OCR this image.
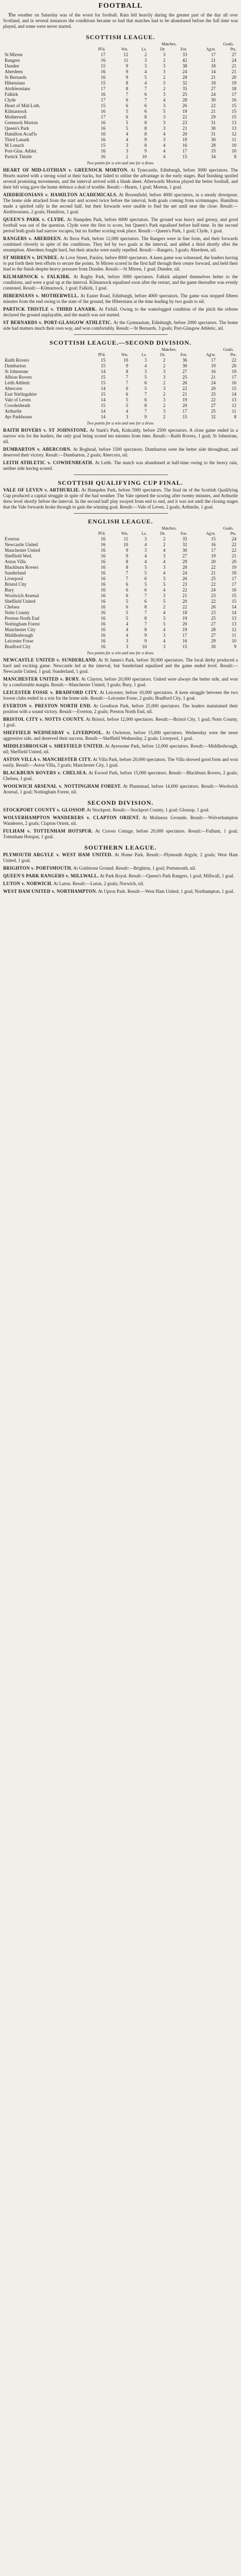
FOOTBALL

The weather on Saturday was of the worst for football. Rain fell heavily during the greater part of the day all over Scotland, and in several instances the conditions became so bad that matches had to be abandoned before the full time was played, and some were never started.

SCOTTISH LEAGUE.
Matches.	Goals.
	Pl'd.	Wn.	Ls.	Dr.	For.	Ag'st.	Pts.
St Mirren	17	12	2	3	33	17	27
Rangers	16	11	3	2	42	21	24
Dundee	15	9	3	3	38	18	21
Aberdeen	16	9	4	3	24	14	21
St Bernards	16	9	5	2	28	21	20
Hibernians	15	8	4	3	32	18	19
Airdrieonians	17	8	7	2	35	27	18
Falkirk	16	7	6	3	25	24	17
Clyde	17	6	7	4	28	30	16
Heart of Mid-Loth.	15	6	6	3	26	22	15
Kilmarnock	16	5	6	5	19	21	15
Motherwell	17	6	8	3	22	29	15
Greenock Morton	16	5	8	3	23	31	13
Queen's Park	16	5	8	3	21	30	13
Hamilton Acad'ls	16	4	8	4	20	31	12
Third Lanark	16	4	9	3	19	30	11
M Lonach	15	3	8	4	16	28	10
Port-Glas. Athlet.	16	3	9	4	17	33	10
Partick Thistle	16	2	10	4	15	34	8
Two points for a win and one for a draw.

HEART OF MID-LOTHIAN v. GREENOCK MORTON. At Tynecastle, Edinburgh, before 3000 spectators. The Hearts started with a strong wind at their backs, but failed to utilise the advantage in the early stages. Bad finishing spoiled several promising movements, and the interval arrived with a blank sheet. Afterwards Morton played the better football, and their left wing gave the home defence a deal of trouble. Result:—Hearts, 1 goal; Morton, 1 goal.

AIRDRIEONIANS v. HAMILTON ACADEMICALS. At Broomfield, before 4000 spectators, in a steady downpour. The home side attacked from the start and scored twice before the interval, both goals coming from scrimmages. Hamilton made a spirited rally in the second half, but their forwards were unable to find the net until near the close. Result:—Airdrieonians, 2 goals; Hamilton, 1 goal.

QUEEN'S PARK v. CLYDE. At Hampden Park, before 6000 spectators. The ground was heavy and greasy, and good football was out of the question. Clyde were the first to score, but Queen's Park equalised before half-time. In the second period both goals had narrow escapes, but no further scoring took place. Result:—Queen's Park, 1 goal; Clyde, 1 goal.

RANGERS v. ABERDEEN. At Ibrox Park, before 12,000 spectators. The Rangers were in fine form, and their forwards combined cleverly in spite of the conditions. They led by two goals at the interval, and added a third shortly after the resumption. Aberdeen fought hard, but their attacks were easily repelled. Result:—Rangers, 3 goals; Aberdeen, nil.

ST MIRREN v. DUNDEE. At Love Street, Paisley, before 8000 spectators. A keen game was witnessed, the leaders having to put forth their best efforts to secure the points. St Mirren scored in the first half through their centre forward, and held their lead to the finish despite heavy pressure from Dundee. Result:—St Mirren, 1 goal; Dundee, nil.

KILMARNOCK v. FALKIRK. At Rugby Park, before 3000 spectators. Falkirk adapted themselves better to the conditions, and were a goal up at the interval. Kilmarnock equalised soon after the restart, and the game thereafter was evenly contested. Result:—Kilmarnock, 1 goal; Falkirk, 1 goal.

HIBERNIANS v. MOTHERWELL. At Easter Road, Edinburgh, before 4000 spectators. The game was stopped fifteen minutes from the end owing to the state of the ground, the Hibernians at the time leading by two goals to nil.

PARTICK THISTLE v. THIRD LANARK. At Firhill. Owing to the waterlogged condition of the pitch the referee declared the ground unplayable, and the match was not started.

ST BERNARDS v. PORT-GLASGOW ATHLETIC. At the Gymnasium, Edinburgh, before 2000 spectators. The home side had matters much their own way, and won comfortably. Result:—St Bernards, 3 goals; Port-Glasgow Athletic, nil.

SCOTTISH LEAGUE.—SECOND DIVISION.
Matches.	Goals.
	Pl'd.	Wn.	Ls.	Dr.	For.	Ag'st.	Pts.
Raith Rovers	15	10	3	2	36	17	22
Dumbarton	15	9	4	2	30	19	20
St Johnstone	14	8	3	3	27	16	19
Albion Rovers	15	7	5	3	25	21	17
Leith Athletic	15	7	6	2	26	24	16
Abercorn	14	6	5	3	22	20	15
East Stirlingshire	15	6	7	2	21	25	14
Vale of Leven	14	5	6	3	19	22	13
Cowdenbeath	15	5	8	2	20	27	12
Arthurlie	14	4	7	3	17	25	11
Ayr Parkhouse	14	3	9	2	15	32	8
Two points for a win and one for a draw.

RAITH ROVERS v. ST JOHNSTONE. At Stark's Park, Kirkcaldy, before 2500 spectators. A close game ended in a narrow win for the leaders, the only goal being scored ten minutes from time. Result:—Raith Rovers, 1 goal; St Johnstone, nil.

DUMBARTON v. ABERCORN. At Boghead, before 1500 spectators. Dumbarton were the better side throughout, and deserved their victory. Result:—Dumbarton, 2 goals; Abercorn, nil.

LEITH ATHLETIC v. COWDENBEATH. At Leith. The match was abandoned at half-time owing to the heavy rain, neither side having scored.

SCOTTISH QUALIFYING CUP FINAL.

VALE OF LEVEN v. ARTHURLIE. At Hampden Park, before 7000 spectators. The final tie of the Scottish Qualifying Cup produced a capital struggle in spite of the bad weather. The Vale opened the scoring after twenty minutes, and Arthurlie drew level shortly before the interval. In the second half play swayed from end to end, and it was not until the closing stages that the Vale forwards broke through to gain the winning goal. Result:—Vale of Leven, 2 goals; Arthurlie, 1 goal.

ENGLISH LEAGUE.
Matches.	Goals.
	Pl'd.	Wn.	Ls.	Dr.	For.	Ag'st.	Pts.
Everton	16	11	3	2	35	15	24
Newcastle United	16	10	4	2	32	16	22
Manchester United	16	9	3	4	30	17	22
Sheffield Wed.	16	9	4	3	27	19	21
Aston Villa	16	8	4	4	29	20	20
Blackburn Rovers	16	8	5	3	28	22	19
Sunderland	16	7	5	4	24	21	18
Liverpool	16	7	6	3	26	25	17
Bristol City	16	6	5	5	23	22	17
Bury	16	6	6	4	22	24	16
Woolwich Arsenal	16	6	7	3	21	23	15
Sheffield United	16	5	6	5	20	22	15
Chelsea	16	6	8	2	22	26	14
Notts County	16	5	7	4	18	23	14
Preston North End	16	5	8	3	19	25	13
Nottingham Forest	16	4	7	5	20	27	13
Manchester City	16	4	8	4	19	28	12
Middlesbrough	16	4	9	3	17	27	11
Leicester Fosse	16	3	9	4	16	29	10
Bradford City	16	3	10	3	15	30	9
Two points for a win and one for a draw.

NEWCASTLE UNITED v. SUNDERLAND. At St James's Park, before 30,000 spectators. The local derby produced a hard and exciting game. Newcastle led at the interval, but Sunderland equalised and the game ended level. Result:—Newcastle United, 1 goal; Sunderland, 1 goal.

MANCHESTER UNITED v. BURY. At Clayton, before 20,000 spectators. United were always the better side, and won by a comfortable margin. Result:—Manchester United, 3 goals; Bury, 1 goal.

LEICESTER FOSSE v. BRADFORD CITY. At Leicester, before 10,000 spectators. A keen struggle between the two lowest clubs ended in a win for the home side. Result:—Leicester Fosse, 2 goals; Bradford City, 1 goal.

EVERTON v. PRESTON NORTH END. At Goodison Park, before 25,000 spectators. The leaders maintained their position with a sound victory. Result:—Everton, 2 goals; Preston North End, nil.

BRISTOL CITY v. NOTTS COUNTY. At Bristol, before 12,000 spectators. Result:—Bristol City, 1 goal; Notts County, 1 goal.

SHEFFIELD WEDNESDAY v. LIVERPOOL. At Owlerton, before 15,000 spectators. Wednesday were the more aggressive side, and deserved their success. Result:—Sheffield Wednesday, 2 goals; Liverpool, 1 goal.

MIDDLESBROUGH v. SHEFFIELD UNITED. At Ayresome Park, before 12,000 spectators. Result:—Middlesbrough, nil; Sheffield United, nil.

ASTON VILLA v. MANCHESTER CITY. At Villa Park, before 20,000 spectators. The Villa showed good form and won easily. Result:—Aston Villa, 3 goals; Manchester City, 1 goal.

BLACKBURN ROVERS v. CHELSEA. At Ewood Park, before 15,000 spectators. Result:—Blackburn Rovers, 2 goals; Chelsea, 1 goal.

WOOLWICH ARSENAL v. NOTTINGHAM FOREST. At Plumstead, before 14,000 spectators. Result:—Woolwich Arsenal, 1 goal; Nottingham Forest, nil.

SECOND DIVISION.

STOCKPORT COUNTY v. GLOSSOP. At Stockport. Result:—Stockport County, 1 goal; Glossop, 1 goal.

WOLVERHAMPTON WANDERERS v. CLAPTON ORIENT. At Molineux Grounds. Result:—Wolverhampton Wanderers, 2 goals; Clapton Orient, nil.

FULHAM v. TOTTENHAM HOTSPUR. At Craven Cottage, before 20,000 spectators. Result:—Fulham, 1 goal; Tottenham Hotspur, 1 goal.

SOUTHERN LEAGUE.

PLYMOUTH ARGYLE v. WEST HAM UNITED. At Home Park. Result:—Plymouth Argyle, 2 goals; West Ham United, 1 goal.

BRIGHTON v. PORTSMOUTH. At Goldstone Ground. Result:—Brighton, 1 goal; Portsmouth, nil.

QUEEN'S PARK RANGERS v. MILLWALL. At Park Royal. Result:—Queen's Park Rangers, 1 goal; Millwall, 1 goal.

LUTON v. NORWICH. At Luton. Result:—Luton, 2 goals; Norwich, nil.

WEST HAM UNITED v. NORTHAMPTON. At Upton Park. Result:—West Ham United, 1 goal; Northampton, 1 goal.
